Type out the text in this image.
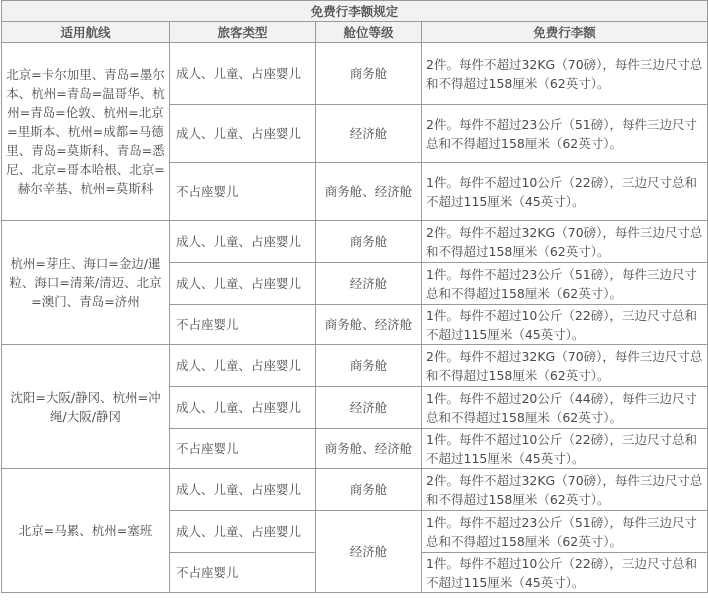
免费行李额规定			
适用航线	旅客类型	舱位等级	免费行李额
北京=卡尔加里、青岛=墨尔本、杭州=青岛=温哥华、杭州=青岛=伦敦、杭州=北京=里斯本、杭州=成都=马德里、青岛=莫斯科、青岛=悉尼、北京=哥本哈根、北京=赫尔辛基、杭州=莫斯科	成人、儿童、占座婴儿	商务舱	2件。每件不超过32KG（70磅），每件三边尺寸总和不得超过158厘米（62英寸）。
	成人、儿童、占座婴儿	经济舱	2件。每件不超过23公斤（51磅），每件三边尺寸总和不得超过158厘米（62英寸）。
	不占座婴儿	商务舱、经济舱	1件。每件不超过10公斤（22磅），三边尺寸总和不超过115厘米（45英寸）。
杭州=芽庄、海口=金边/暹粒、海口=清莱/清迈、北京=澳门、青岛=济州	成人、儿童、占座婴儿	商务舱	2件。每件不超过32KG（70磅），每件三边尺寸总和不得超过158厘米（62英寸）。
	成人、儿童、占座婴儿	经济舱	1件。每件不超过23公斤（51磅），每件三边尺寸总和不得超过158厘米（62英寸）。
	不占座婴儿	商务舱、经济舱	1件。每件不超过10公斤（22磅），三边尺寸总和不超过115厘米（45英寸）。
沈阳=大阪/静冈、杭州=冲绳/大阪/静冈	成人、儿童、占座婴儿	商务舱	2件。每件不超过32KG（70磅），每件三边尺寸总和不得超过158厘米（62英寸）。
	成人、儿童、占座婴儿	经济舱	1件。每件不超过20公斤（44磅），每件三边尺寸总和不得超过158厘米（62英寸）。
	不占座婴儿	商务舱、经济舱	1件。每件不超过10公斤（22磅），三边尺寸总和不超过115厘米（45英寸）。
北京=马累、杭州=塞班	成人、儿童、占座婴儿	商务舱	2件。每件不超过32KG（70磅），每件三边尺寸总和不得超过158厘米（62英寸）。
	成人、儿童、占座婴儿	经济舱	1件。每件不超过23公斤（51磅），每件三边尺寸总和不得超过158厘米（62英寸）。
	不占座婴儿		1件。每件不超过10公斤（22磅），三边尺寸总和不超过115厘米（45英寸）。
